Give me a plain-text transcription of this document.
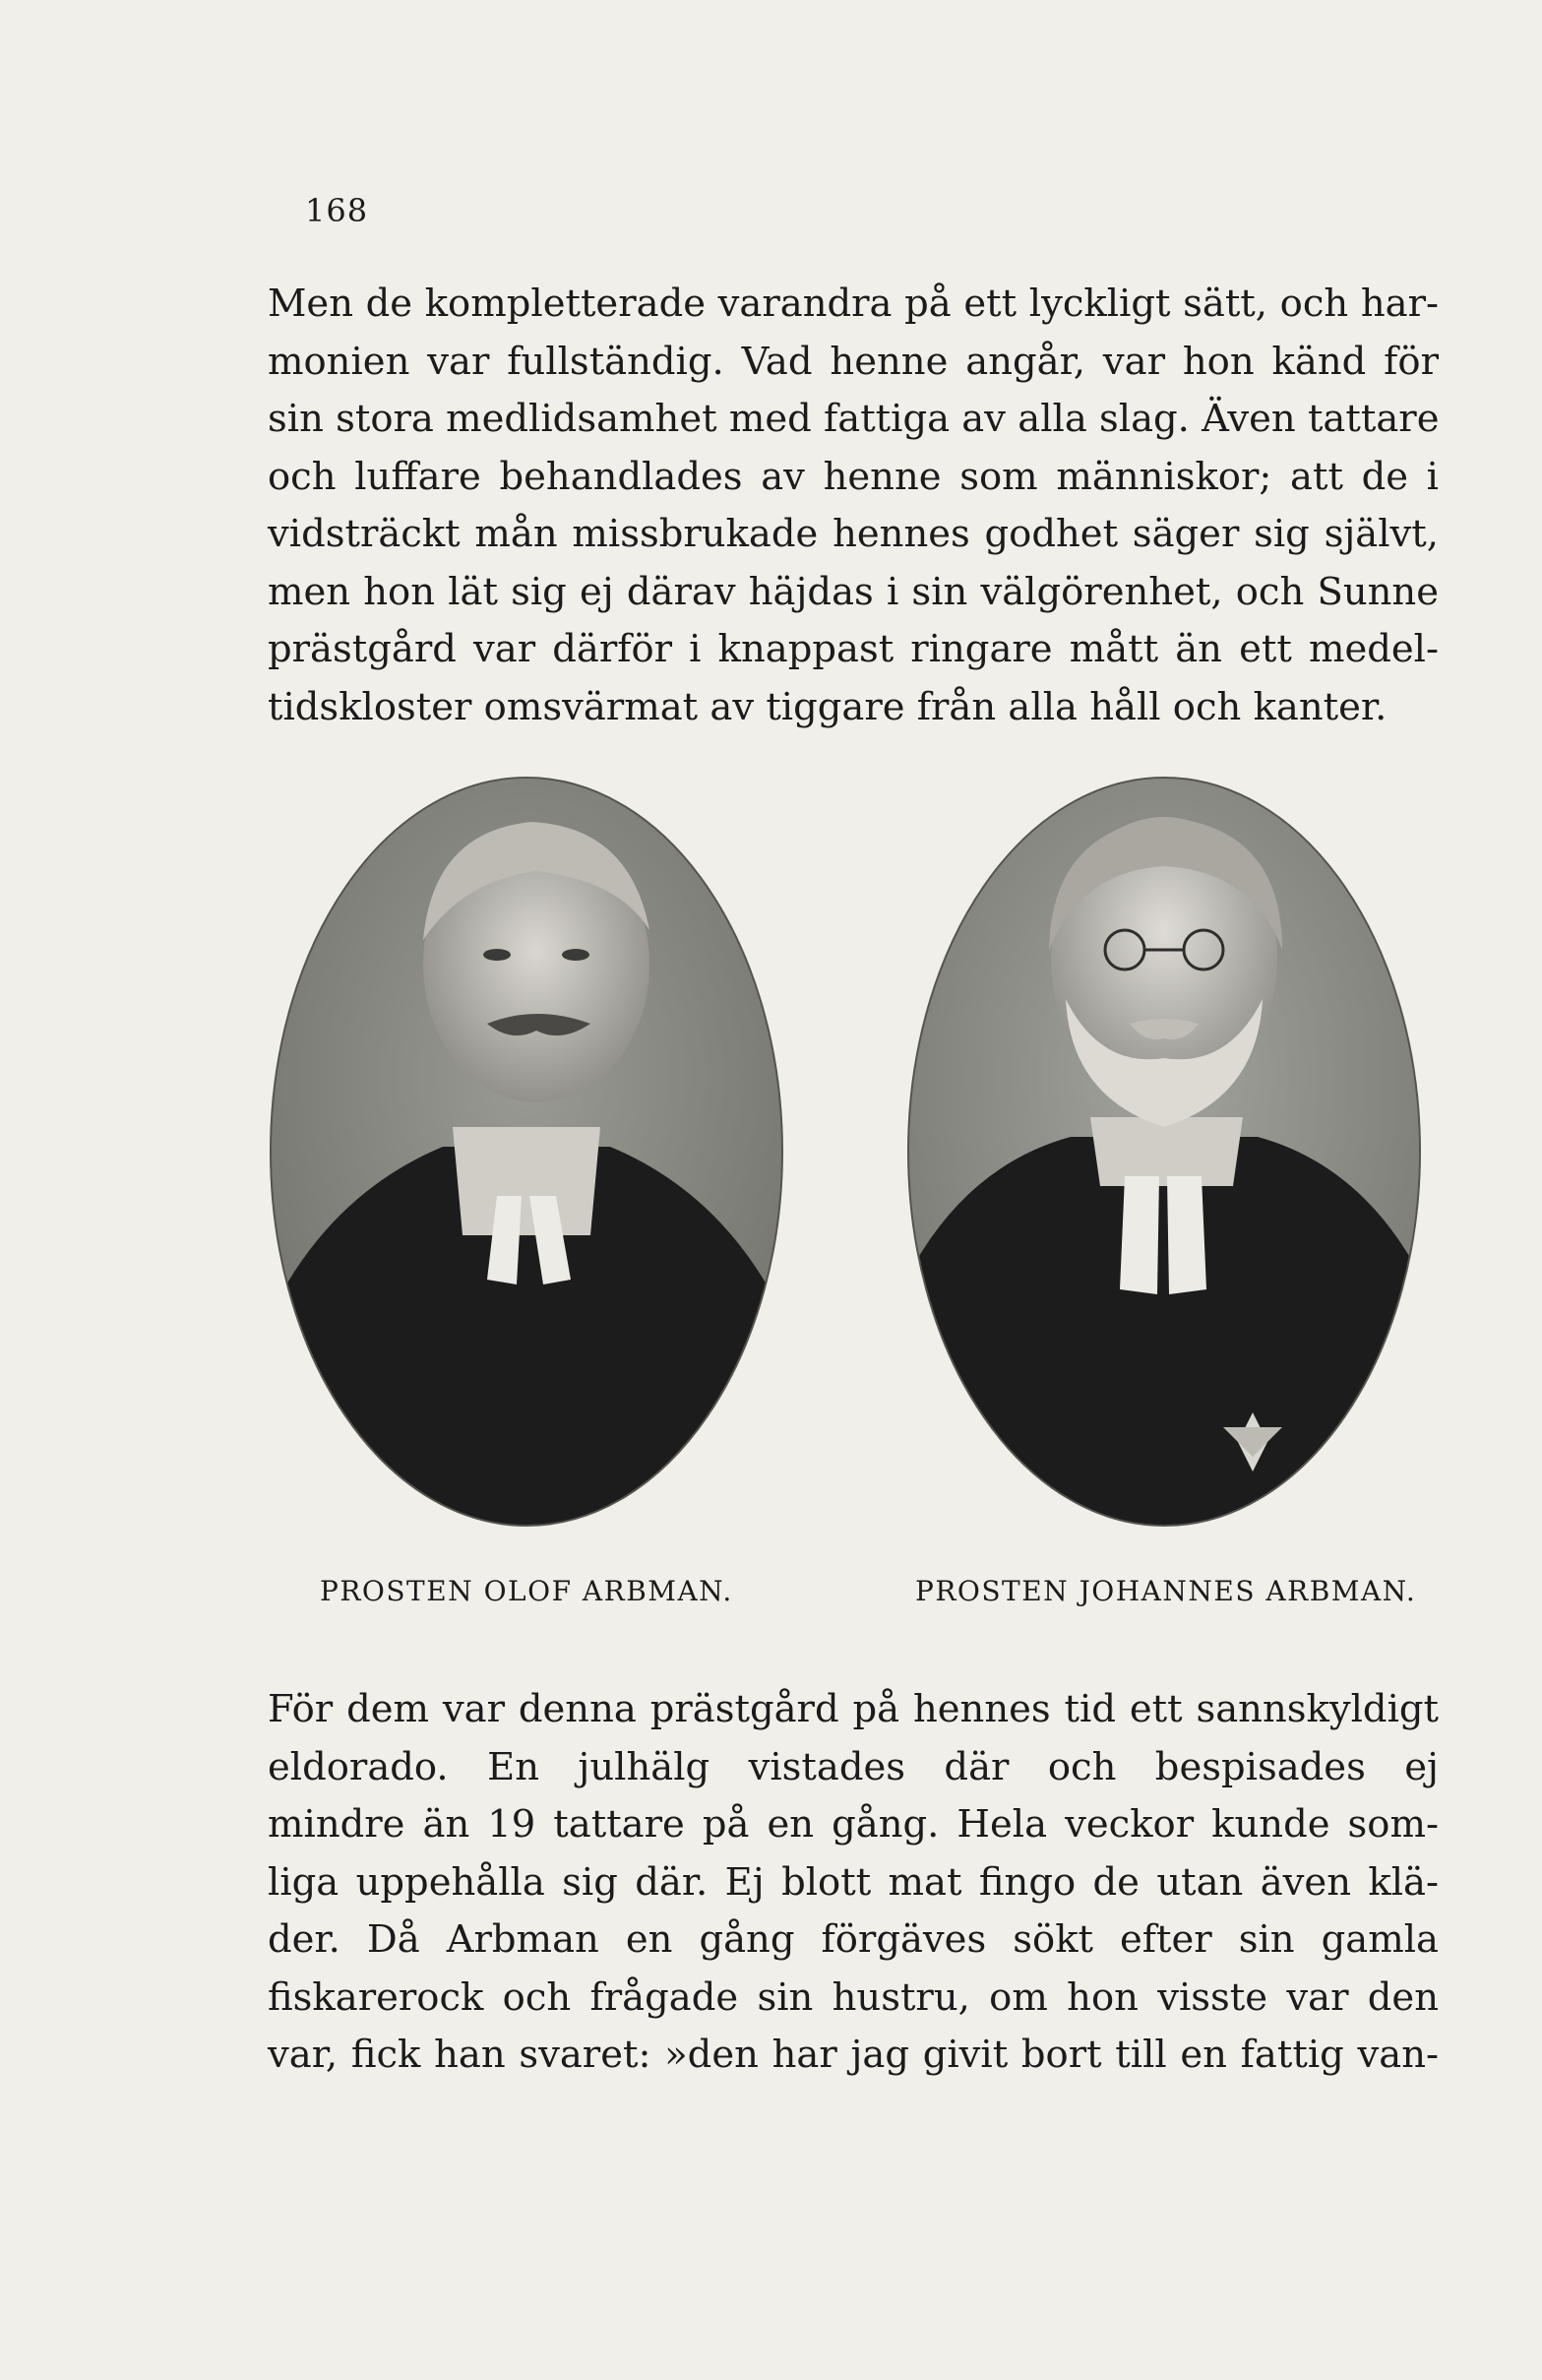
168
Men de kompletterade varandra på ett lyckligt sätt, och har-
monien var fullständig. Vad henne angår, var hon känd för
sin stora medlidsamhet med fattiga av alla slag. Även tattare
och luffare behandlades av henne som människor; att de i
vidsträckt mån missbrukade hennes godhet säger sig självt,
men hon lät sig ej därav häjdas i sin välgörenhet, och Sunne
prästgård var därför i knappast ringare mått än ett medel-
tidskloster omsvärmat av tiggare från alla håll och kanter.
PROSTEN OLOF ARBMAN.	PROSTEN JOHANNES ARBMAN.
För dem var denna prästgård på hennes tid ett sannskyldigt
eldorado. En julhälg vistades där och bespisades ej
mindre än 19 tattare på en gång. Hela veckor kunde som-
liga uppehålla sig där. Ej blott mat fingo de utan även klä-
der. Då Arbman en gång förgäves sökt efter sin gamla
fiskarerock och frågade sin hustru, om hon visste var den
var, fick han svaret: »den har jag givit bort till en fattig van-
